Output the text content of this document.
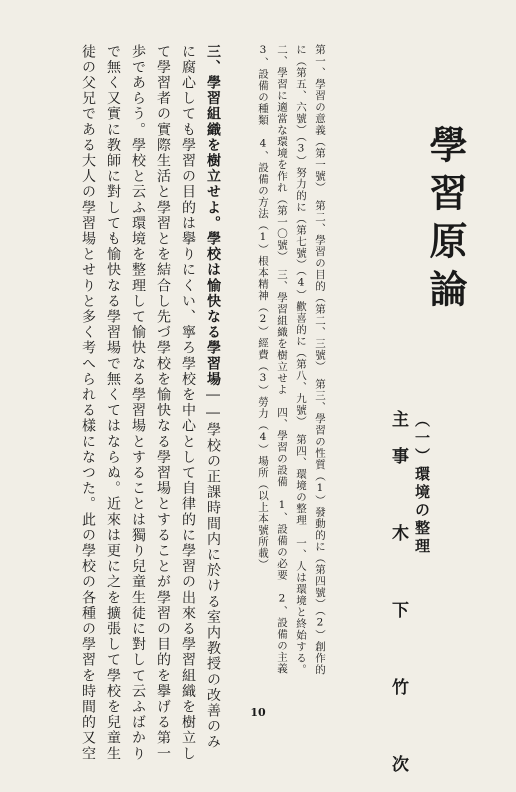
學習原論
（一）環境の整理
主事 木 下 竹 次
第一、學習の意義（第一號）　第二、學習の目的（第二、三號）　第三、學習の性質（1）發動的に（第四號）（2）創作的
に（第五、六號）（3）努力的に（第七號）（4）歡喜的に（第八、九號）　第四、環境の整理　一、人は環境と終始する。
二、學習に適當な環境を作れ（第一〇號）　三、學習組織を樹立せよ　四、學習の設備　1、設備の必要　2、設備の主義
3、設備の種類　4、設備の方法（1）根本精神（2）經費（3）勞力（4）場所（以上本號所載）
三、學習組織を樹立せよ。學校は愉快なる學習場――學校の正課時間内に於ける室内教授の改善のみ
に腐心しても學習の目的は擧りにくい、寧ろ學校を中心として自律的に學習の出來る學習組織を樹立し
て學習者の實際生活と學習とを結合し先づ學校を愉快なる學習場とすることが學習の目的を擧げる第一
歩であらう。學校と云ふ環境を整理して愉快なる學習場とすることは獨り兒童生徒に對して云ふばかり
で無く又實に教師に對しても愉快なる學習場で無くてはならぬ。近來は更に之を擴張して學校を兒童生
徒の父兄である大人の學習場とせりと多く考へられる樣になつた。此の學校の各種の學習を時間的又空	10
